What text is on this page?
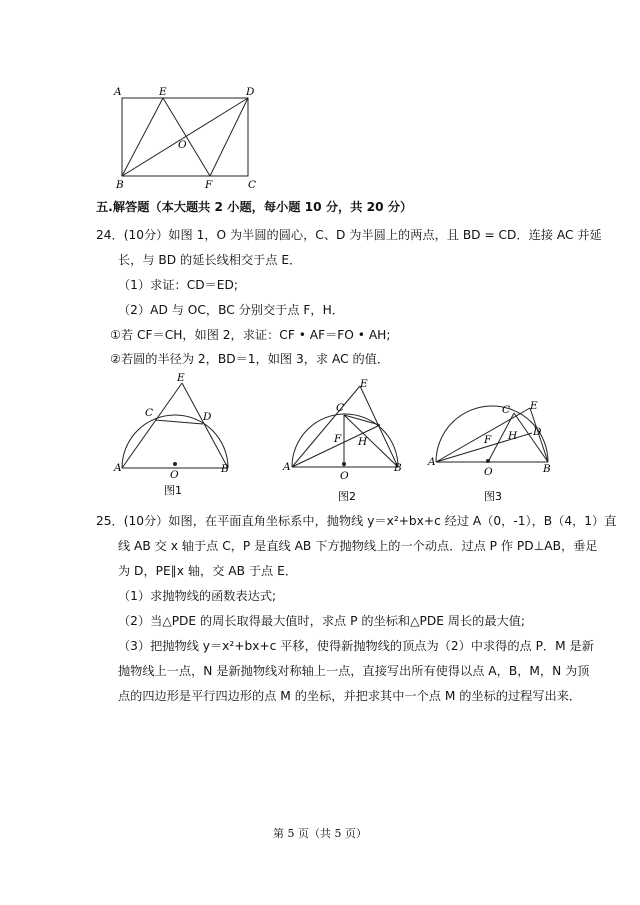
A	E	D
O
B	F	C
五.解答题（本大题共 2 小题，每小题 10 分，共 20 分）
24．(10分）如图 1，O 为半圆的圆心，C、D 为半圆上的两点，且 BD = CD．连接 AC 并延
长，与 BD 的延长线相交于点 E．
（1）求证：CD＝ED;
（2）AD 与 OC，BC 分别交于点 F，H．
①若 CF＝CH，如图 2，求证：CF • AF＝FO • AH;
②若圆的半径为 2，BD＝1，如图 3，求 AC 的值．
E
C	D
A
O	B
图1
E
C
F H
A
O
B
图2
C E
D
F H
A
O	B
图3
25．(10分）如图，在平面直角坐标系中，抛物线 y＝x²+bx+c 经过 A（0，-1），B（4，1）直
线 AB 交 x 轴于点 C，P 是直线 AB 下方抛物线上的一个动点．过点 P 作 PD⊥AB，垂足
为 D，PE∥x 轴，交 AB 于点 E．
（1）求抛物线的函数表达式;
（2）当△PDE 的周长取得最大值时，求点 P 的坐标和△PDE 周长的最大值;
（3）把抛物线 y＝x²+bx+c 平移，使得新抛物线的顶点为（2）中求得的点 P．M 是新
抛物线上一点，N 是新抛物线对称轴上一点，直接写出所有使得以点 A，B，M，N 为顶
点的四边形是平行四边形的点 M 的坐标，并把求其中一个点 M 的坐标的过程写出来．
第 5 页（共 5 页）
